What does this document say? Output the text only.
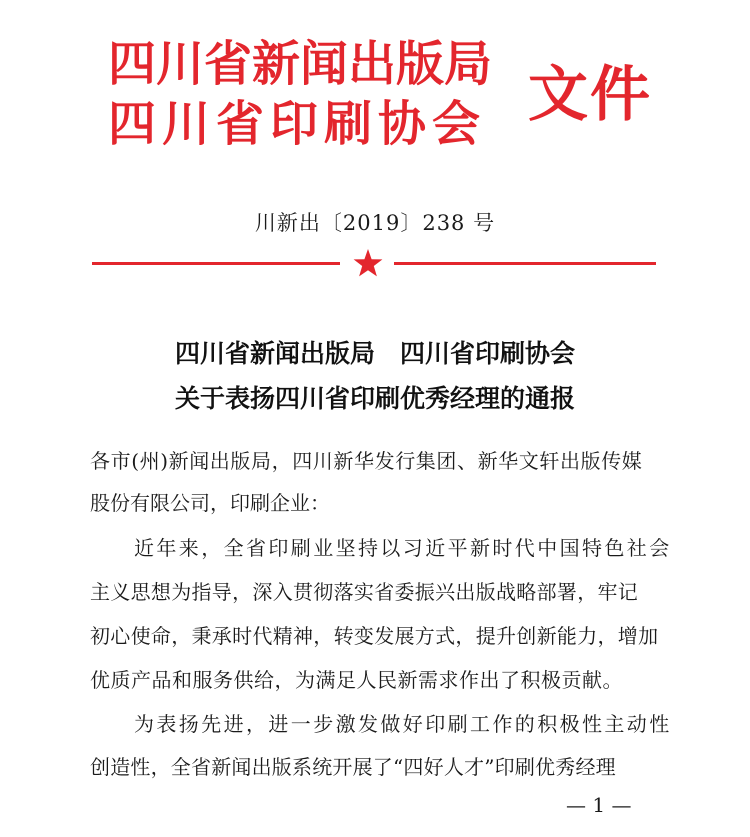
四川省新闻出版局
四川省印刷协会 文件
川新出〔2019〕238 号
四川省新闻出版局　四川省印刷协会
关于表扬四川省印刷优秀经理的通报
各市(州)新闻出版局，四川新华发行集团、新华文轩出版传媒
股份有限公司，印刷企业：
近年来，全省印刷业坚持以习近平新时代中国特色社会
主义思想为指导，深入贯彻落实省委振兴出版战略部署，牢记
初心使命，秉承时代精神，转变发展方式，提升创新能力，增加
优质产品和服务供给，为满足人民新需求作出了积极贡献。
为表扬先进，进一步激发做好印刷工作的积极性主动性
创造性，全省新闻出版系统开展了“四好人才”印刷优秀经理
— 1 —
